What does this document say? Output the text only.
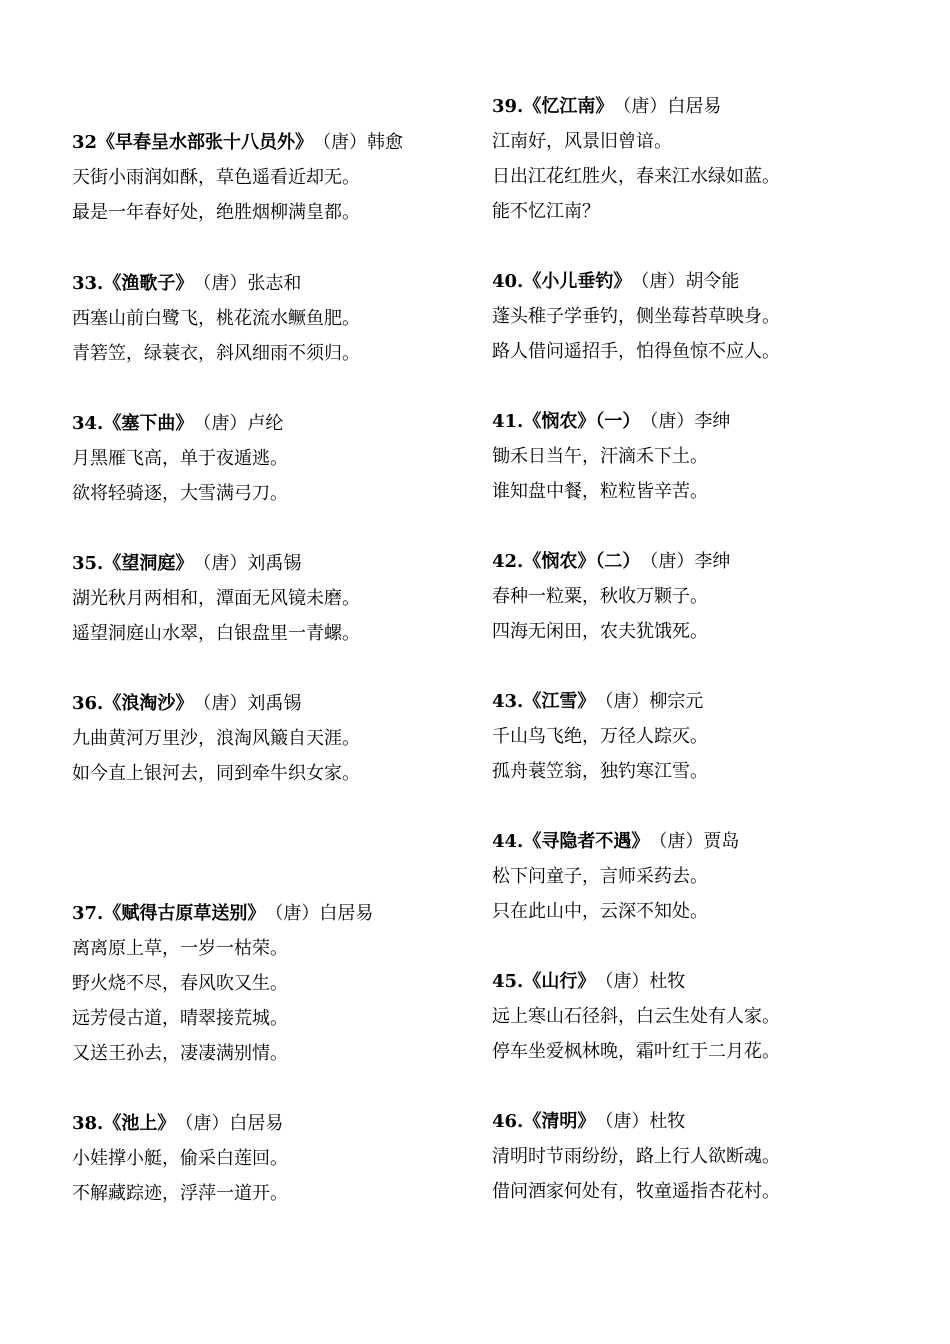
32《早春呈水部张十八员外》　 （唐）韩愈
天街小雨润如酥，草色遥看近却无。
最是一年春好处，绝胜烟柳满皇都。
33.《渔歌子》　 （唐）张志和
西塞山前白鹭飞，桃花流水鳜鱼肥。
青箬笠，绿蓑衣，斜风细雨不须归。
34.《塞下曲》　 （唐）卢纶
月黑雁飞高，单于夜遁逃。
欲将轻骑逐，大雪满弓刀。
35.《望洞庭》　 （唐）刘禹锡
湖光秋月两相和，潭面无风镜未磨。
遥望洞庭山水翠，白银盘里一青螺。
36.《浪淘沙》　 （唐）刘禹锡
九曲黄河万里沙，浪淘风簸自天涯。
如今直上银河去，同到牵牛织女家。
37.《赋得古原草送别》　 （唐）白居易
离离原上草，一岁一枯荣。
野火烧不尽，春风吹又生。
远芳侵古道，晴翠接荒城。
又送王孙去，凄凄满别情。
38.《池上》　 （唐）白居易
小娃撑小艇，偷采白莲回。
不解藏踪迹，浮萍一道开。
39.《忆江南》　 （唐）白居易
江南好，风景旧曾谙。
日出江花红胜火，春来江水绿如蓝。
能不忆江南？
40.《小儿垂钓》　 （唐）胡令能
蓬头稚子学垂钓，侧坐莓苔草映身。
路人借问遥招手，怕得鱼惊不应人。
41.《悯农》（一）　 （唐）李绅
锄禾日当午，汗滴禾下土。
谁知盘中餐，粒粒皆辛苦。
42.《悯农》（二）　 （唐）李绅
春种一粒粟，秋收万颗子。
四海无闲田，农夫犹饿死。
43.《江雪》　 （唐）柳宗元
千山鸟飞绝，万径人踪灭。
孤舟蓑笠翁，独钓寒江雪。
44.《寻隐者不遇》　 （唐）贾岛
松下问童子，言师采药去。
只在此山中，云深不知处。
45.《山行》　 （唐）杜牧
远上寒山石径斜，白云生处有人家。
停车坐爱枫林晚，霜叶红于二月花。
46.《清明》　 （唐）杜牧
清明时节雨纷纷，路上行人欲断魂。
借问酒家何处有，牧童遥指杏花村。
